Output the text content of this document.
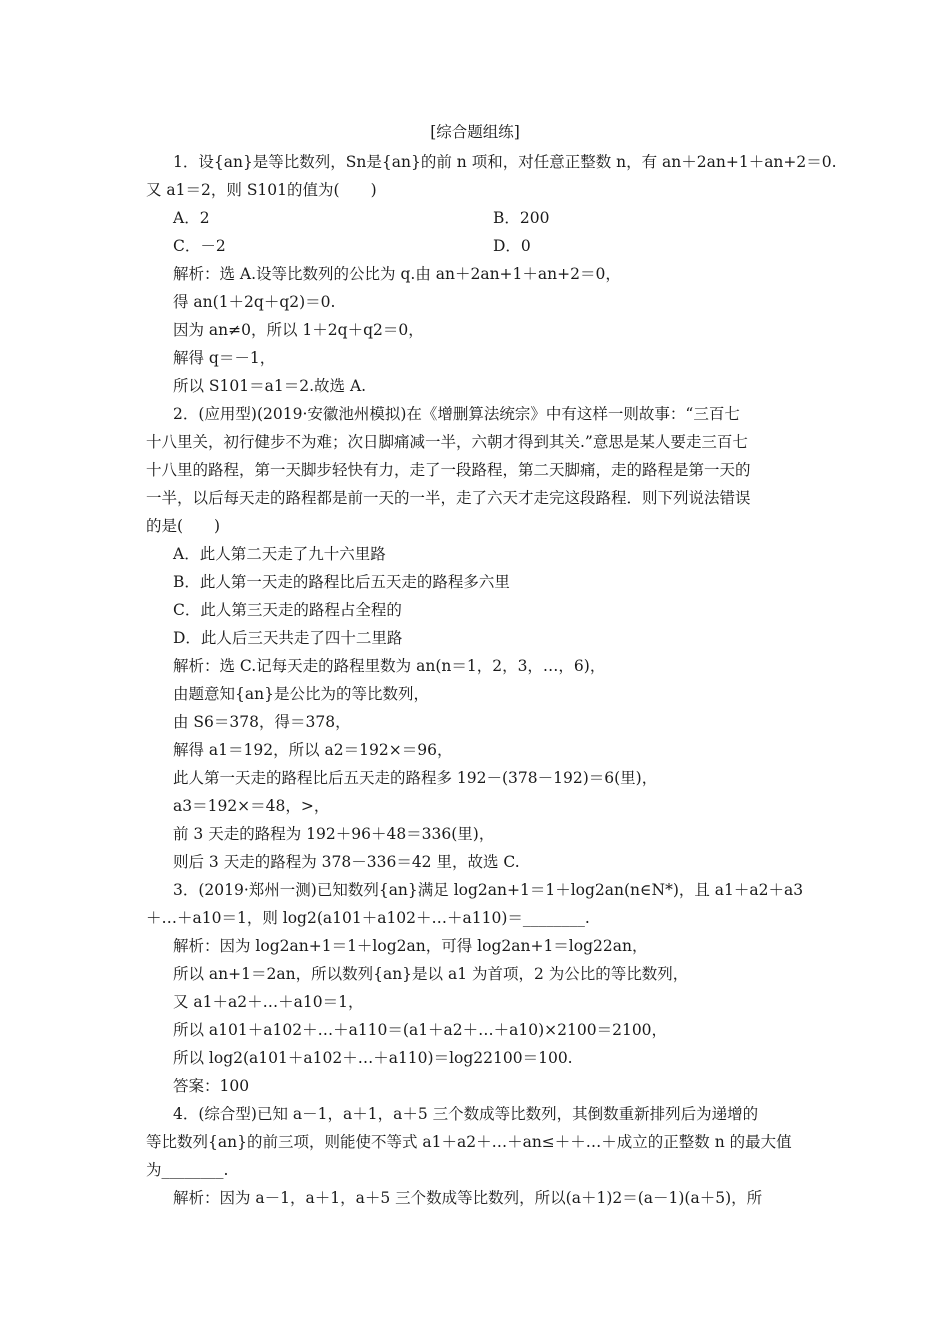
[综合题组练]
1．设{an}是等比数列，Sn是{an}的前 n 项和，对任意正整数 n，有 an＋2an+1＋an+2＝0.
又 a1＝2，则 S101的值为(　　)
A．2	B．200
C．－2	D．0
解析：选 A.设等比数列的公比为 q.由 an＋2an+1＋an+2＝0，
得 an(1＋2q＋q2)＝0.
因为 an≠0，所以 1＋2q＋q2＝0，
解得 q＝－1，
所以 S101＝a1＝2.故选 A.
2．(应用型)(2019·安徽池州模拟)在《增删算法统宗》中有这样一则故事：“三百七
十八里关，初行健步不为难；次日脚痛减一半，六朝才得到其关.”意思是某人要走三百七
十八里的路程，第一天脚步轻快有力，走了一段路程，第二天脚痛，走的路程是第一天的
一半，以后每天走的路程都是前一天的一半，走了六天才走完这段路程．则下列说法错误
的是(　　)
A．此人第二天走了九十六里路
B．此人第一天走的路程比后五天走的路程多六里
C．此人第三天走的路程占全程的
D．此人后三天共走了四十二里路
解析：选 C.记每天走的路程里数为 an(n＝1，2，3，…，6)，
由题意知{an}是公比为的等比数列，
由 S6＝378，得＝378，
解得 a1＝192，所以 a2＝192×＝96，
此人第一天走的路程比后五天走的路程多 192－(378－192)＝6(里)，
a3＝192×＝48，>，
前 3 天走的路程为 192＋96＋48＝336(里)，
则后 3 天走的路程为 378－336＝42 里，故选 C.
3．(2019·郑州一测)已知数列{an}满足 log2an+1＝1＋log2an(n∈N*)，且 a1＋a2＋a3
＋…＋a10＝1，则 log2(a101＋a102＋…＋a110)＝________.
解析：因为 log2an+1＝1＋log2an，可得 log2an+1＝log22an，
所以 an+1＝2an，所以数列{an}是以 a1 为首项，2 为公比的等比数列，
又 a1＋a2＋…＋a10＝1，
所以 a101＋a102＋…＋a110＝(a1＋a2＋…＋a10)×2100＝2100，
所以 log2(a101＋a102＋…＋a110)＝log22100＝100.
答案：100
4．(综合型)已知 a－1，a＋1，a＋5 三个数成等比数列，其倒数重新排列后为递增的
等比数列{an}的前三项，则能使不等式 a1＋a2＋…＋an≤＋＋…＋成立的正整数 n 的最大值
为________.
解析：因为 a－1，a＋1，a＋5 三个数成等比数列，所以(a＋1)2＝(a－1)(a＋5)，所
